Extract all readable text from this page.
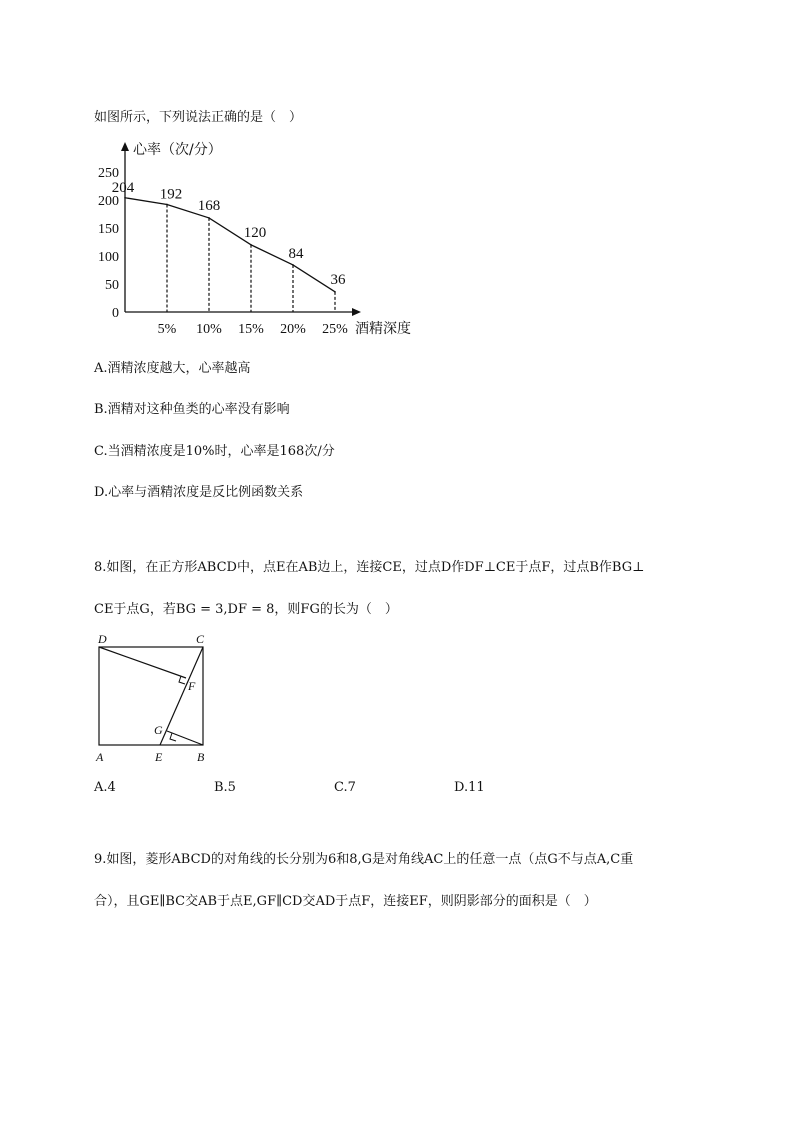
如图所示，下列说法正确的是（　）
心率（次/分）
酒精深度
0
50
100
150
200
250
5% 10% 15% 20% 25%
204 192
168
120
84
36
A.酒精浓度越大，心率越高
B.酒精对这种鱼类的心率没有影响
C.当酒精浓度是10%时，心率是168次/分
D.心率与酒精浓度是反比例函数关系
8.如图，在正方形ABCD中，点E在AB边上，连接CE，过点D作DF⊥CE于点F，过点B作BG⊥
CE于点G，若BG = 3,DF = 8，则FG的长为（　）
D	C
F
G
A	E	B
A.4	B.5	C.7	D.11
9.如图，菱形ABCD的对角线的长分别为6和8,G是对角线AC上的任意一点（点G不与点A,C重
合），且GE∥BC交AB于点E,GF∥CD交AD于点F，连接EF，则阴影部分的面积是（　）
